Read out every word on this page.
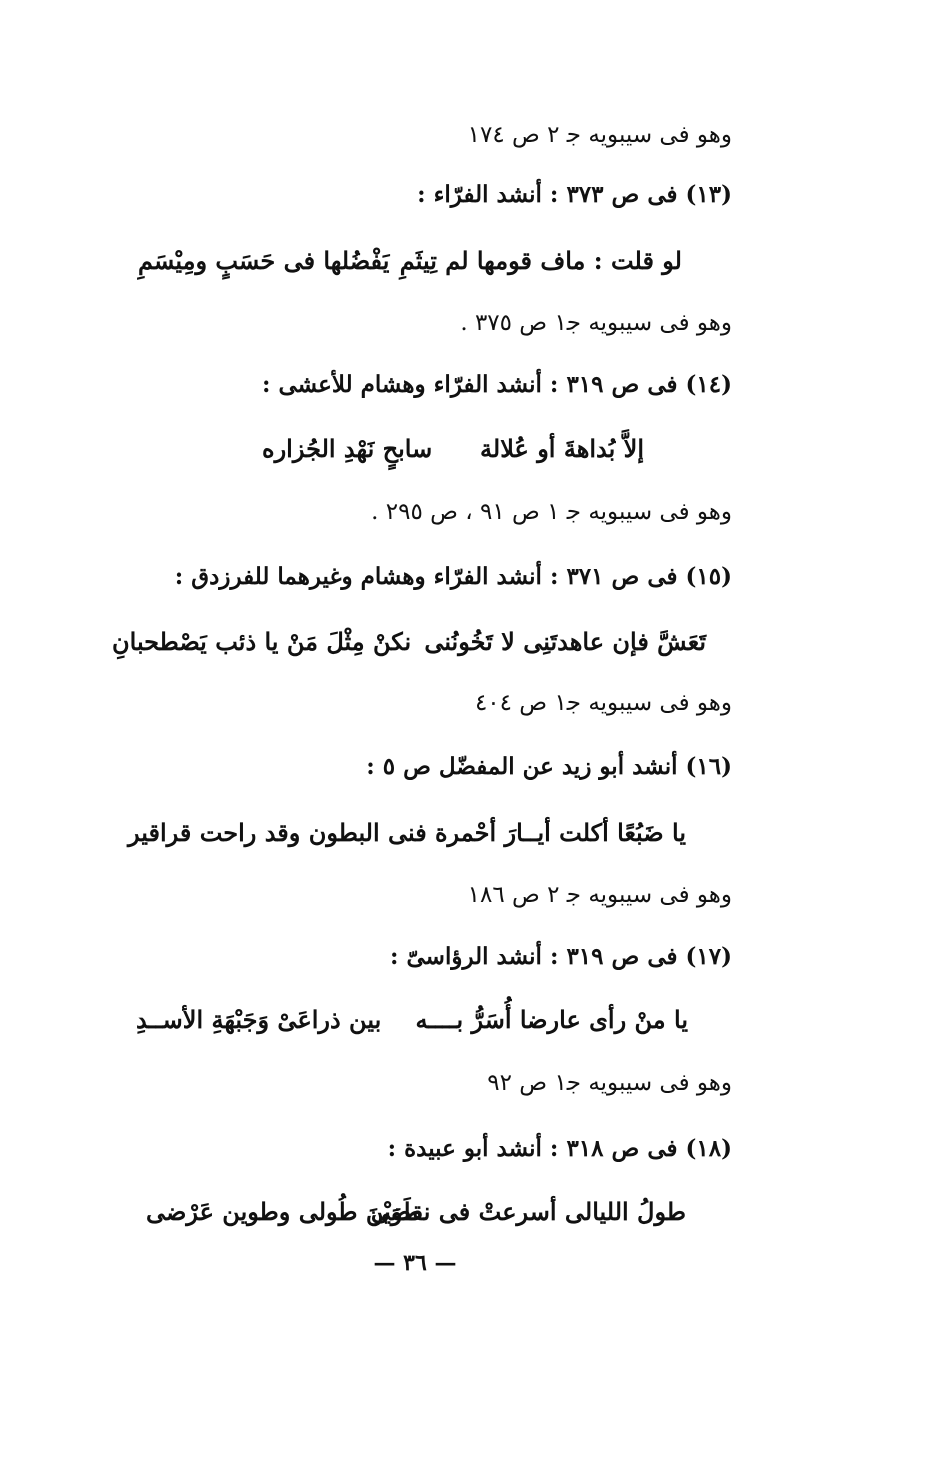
وهو فى سيبويه ﺟ ٢ ص ١٧٤
(١٣) فى ص ٣٧٣ : أنشد الفرّاء :
لو قلت : ماف قومها لم تِيثَمِ
يَفْضُلها فى حَسَبٍ ومِيْسَمِ
وهو فى سيبويه ﺟ١ ص ٣٧٥ .
(١٤) فى ص ٣١٩ : أنشد الفرّاء وهشام للأعشى :
إلاَّ بُداهةَ أو عُلالة
سابحٍ نَهْدِ الجُزاره
وهو فى سيبويه ﺟ ١ ص ٩١ ، ص ٢٩٥ .
(١٥) فى ص ٣٧١ : أنشد الفرّاء وهشام وغيرهما للفرزدق :
تَعَشَّ فإن عاهدتَنِى لا تَخُونُنى
نكنْ مِثْلَ مَنْ يا ذئب يَصْطحبانِ
وهو فى سيبويه ﺟ١ ص ٤٠٤
(١٦) أنشد أبو زيد عن المفضّل ص ٥ :
يا ضَبُعًا أكلت أيــارَ أحْمرة
فنى البطون وقد راحت قراقير
وهو فى سيبويه ﺟ ٢ ص ١٨٦
(١٧) فى ص ٣١٩ : أنشد الرؤاسىّ :
يا منْ رأى عارضا أُسَرُّ بــــه
بين ذراعَىْ وَجَبْهَةِ الأســدِ
وهو فى سيبويه ﺟ١ ص ٩٢
(١٨) فى ص ٣١٨ : أنشد أبو عبيدة :
طولُ الليالى أسرعتْ فى نقضى
طَوَيْنَ طُولى وطوين عَرْضى
— ٣٦ —
